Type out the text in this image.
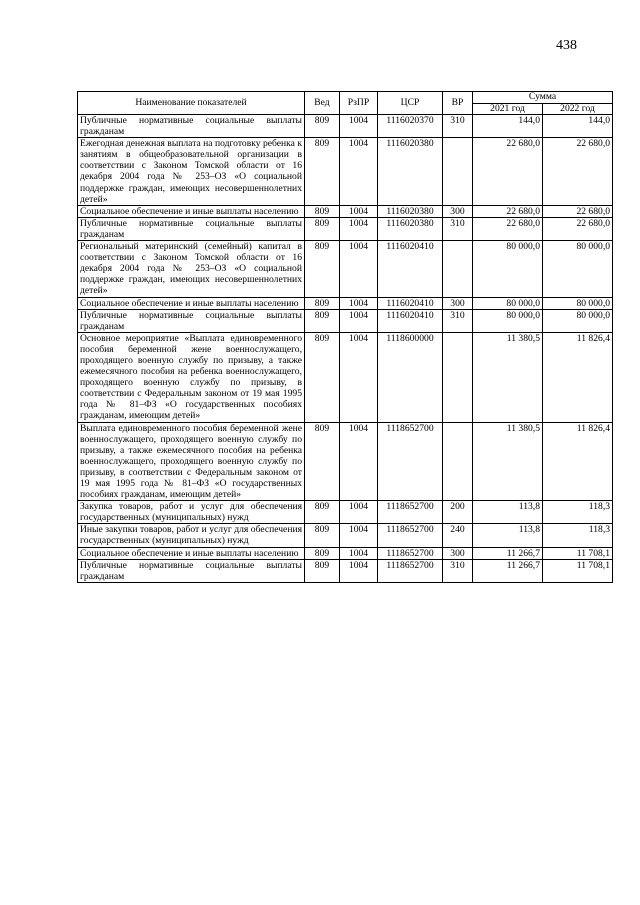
438
Наименование показателей	Вед	РзПР	ЦСР	ВР	Сумма	
					2021 год	2022 год
Публичные нормативные социальные выплаты гражданам	809	1004	1116020370	310	144,0	144,0
Ежегодная денежная выплата на подготовку ребенка к занятиям в общеобразовательной организации в соответствии с Законом Томской области от 16 декабря 2004 года № 253–ОЗ «О социальной поддержке граждан, имеющих несовершеннолетних детей»	809	1004	1116020380		22 680,0	22 680,0
Социальное обеспечение и иные выплаты населению	809	1004	1116020380	300	22 680,0	22 680,0
Публичные нормативные социальные выплаты гражданам	809	1004	1116020380	310	22 680,0	22 680,0
Региональный материнский (семейный) капитал в соответствии с Законом Томской области от 16 декабря 2004 года № 253–ОЗ «О социальной поддержке граждан, имеющих несовершеннолетних детей»	809	1004	1116020410		80 000,0	80 000,0
Социальное обеспечение и иные выплаты населению	809	1004	1116020410	300	80 000,0	80 000,0
Публичные нормативные социальные выплаты гражданам	809	1004	1116020410	310	80 000,0	80 000,0
Основное мероприятие «Выплата единовременного пособия беременной жене военнослужащего, проходящего военную службу по призыву, а также ежемесячного пособия на ребенка военнослужащего, проходящего военную службу по призыву, в соответствии с Федеральным законом от 19 мая 1995 года № 81–ФЗ «О государственных пособиях гражданам, имеющим детей»	809	1004	1118600000		11 380,5	11 826,4
Выплата единовременного пособия беременной жене военнослужащего, проходящего военную службу по призыву, а также ежемесячного пособия на ребенка военнослужащего, проходящего военную службу по призыву, в соответствии с Федеральным законом от 19 мая 1995 года № 81–ФЗ «О государственных пособиях гражданам, имеющим детей»	809	1004	1118652700		11 380,5	11 826,4
Закупка товаров, работ и услуг для обеспечения государственных (муниципальных) нужд	809	1004	1118652700	200	113,8	118,3
Иные закупки товаров, работ и услуг для обеспечения государственных (муниципальных) нужд	809	1004	1118652700	240	113,8	118,3
Социальное обеспечение и иные выплаты населению	809	1004	1118652700	300	11 266,7	11 708,1
Публичные нормативные социальные выплаты гражданам	809	1004	1118652700	310	11 266,7	11 708,1
